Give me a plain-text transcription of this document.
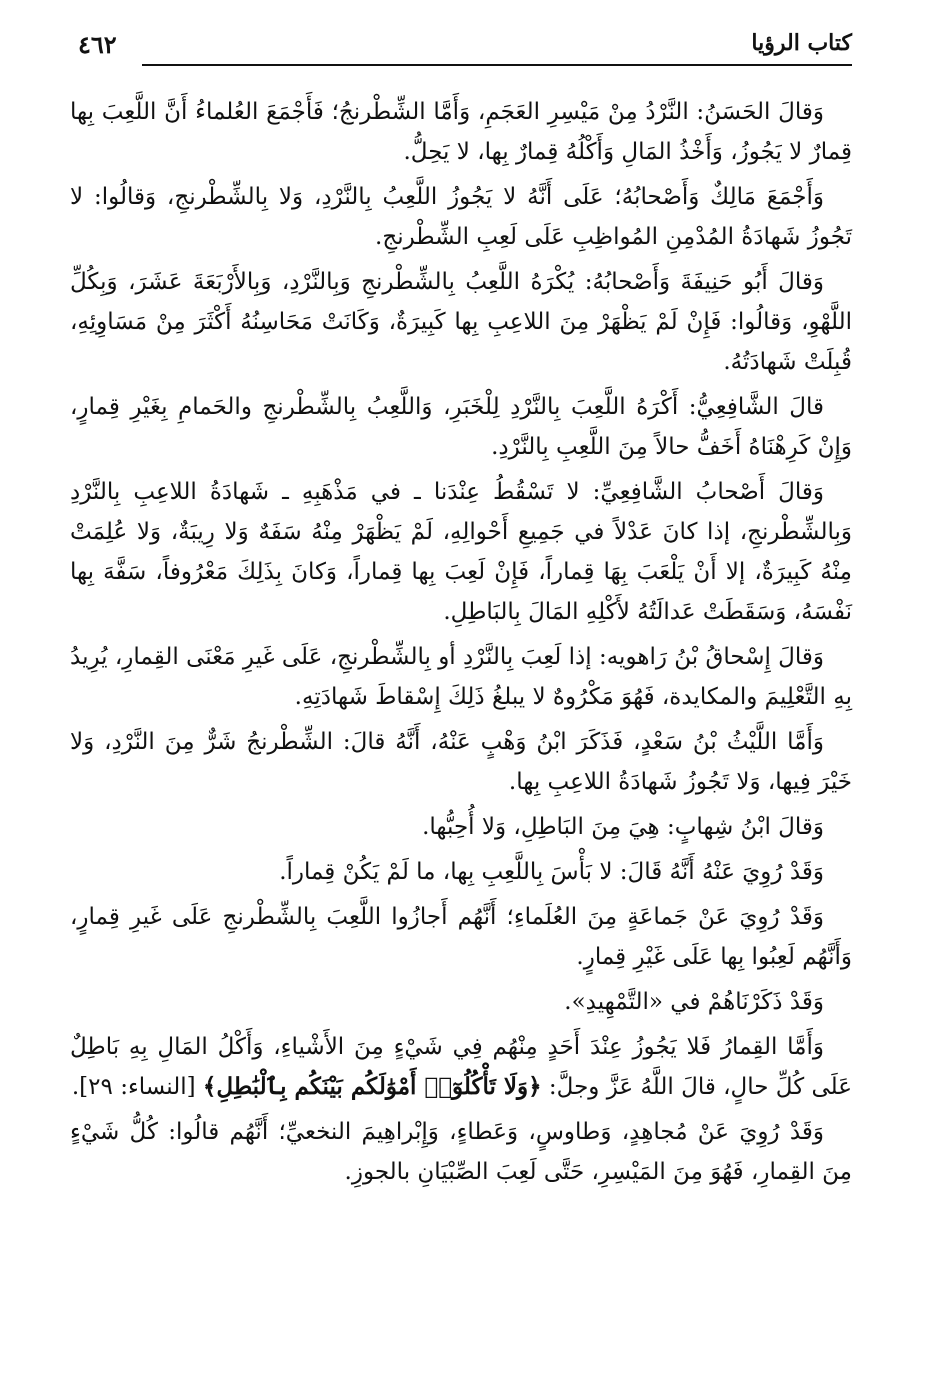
كتاب الرؤيا
٤٦٢

وَقالَ الحَسَنُ: النَّرْدُ مِنْ مَيْسِرِ العَجَمِ، وَأَمَّا الشِّطْرنجُ؛ فَأَجْمَعَ العُلماءُ أَنَّ اللَّعِبَ بِها قِمارٌ لا يَجُوزُ، وَأَخْذُ المَالِ وَأَكْلُهُ قِمارٌ بِها، لا يَحِلُّ.

وَأَجْمَعَ مَالِكٌ وَأَصْحابُهُ؛ عَلَى أَنَّهُ لا يَجُوزُ اللَّعِبُ بِالنَّرْدِ، وَلا بِالشِّطْرنجِ، وَقالُوا: لا تَجُوزُ شَهادَةُ المُدْمِنِ المُواظِبِ عَلَى لَعِبِ الشِّطْرنجِ.

وَقالَ أَبُو حَنِيفَةَ وَأَصْحابُهُ: يُكْرَهُ اللَّعِبُ بِالشِّطْرنجِ وَبِالنَّرْدِ، وَبِالأَرْبَعَةَ عَشَرَ، وَبِكُلِّ اللَّهْوِ، وَقالُوا: فَإِنْ لَمْ يَظْهَرْ مِنَ اللاعِبِ بِها كَبِيرَةٌ، وَكَانَتْ مَحَاسِنُهُ أَكْثَرَ مِنْ مَسَاوِئِهِ، قُبِلَتْ شَهادَتُهُ.

قالَ الشَّافِعِيُّ: أَكْرَهُ اللَّعِبَ بِالنَّرْدِ لِلْخَبَرِ، وَاللَّعِبُ بِالشِّطْرنجِ والحَمامِ بِغَيْرِ قِمارٍ، وَإِنْ كَرِهْنَاهُ أَخَفُّ حالاً مِنَ اللَّعِبِ بِالنَّرْدِ.

وَقالَ أَصْحابُ الشَّافِعِيِّ: لا تَسْقُطُ عِنْدَنا ـ في مَذْهَبِهِ ـ شَهادَةُ اللاعِبِ بِالنَّرْدِ وَبِالشِّطْرنجِ، إذا كانَ عَدْلاً في جَمِيعِ أَحْوالِهِ، لَمْ يَظْهَرْ مِنْهُ سَفَهٌ وَلا رِيبَةٌ، وَلا عُلِمَتْ مِنْهُ كَبِيرَةٌ، إلا أَنْ يَلْعَبَ بِهَا قِماراً، فَإِنْ لَعِبَ بِها قِماراً، وَكانَ بِذَلِكَ مَعْرُوفاً، سَفَّهَ بِها نَفْسَهُ، وَسَقَطَتْ عَدالَتُهُ لأَكْلِهِ المَالَ بِالبَاطِلِ.

وَقالَ إِسْحاقُ بْنُ رَاهويه: إذا لَعِبَ بِالنَّرْدِ أو بِالشِّطْرنجِ، عَلَى غَيرِ مَعْنَى القِمارِ، يُرِيدُ بِهِ التَّعْلِيمَ والمكايدة، فَهُوَ مَكْرُوهٌ لا يبلغُ ذَلِكَ إِسْقاطَ شَهادَتِهِ.

وَأَمَّا اللَّيْثُ بْنُ سَعْدٍ، فَذَكَرَ ابْنُ وَهْبٍ عَنْهُ، أَنَّهُ قالَ: الشِّطْرنجُ شَرٌّ مِنَ النَّرْدِ، وَلا خَيْرَ فِيها، وَلا تَجُوزُ شَهادَةُ اللاعِبِ بِها.

وَقالَ ابْنُ شِهابٍ: هِيَ مِنَ البَاطِلِ، وَلا أُحِبُّها.

وَقَدْ رُوِيَ عَنْهُ أَنَّهُ قَالَ: لا بَأْسَ بِاللَّعِبِ بِها، ما لَمْ يَكُنْ قِماراً.

وَقَدْ رُوِيَ عَنْ جَماعَةٍ مِنَ العُلَماءِ؛ أَنَّهُم أَجازُوا اللَّعِبَ بِالشِّطْرنجِ عَلَى غَيرِ قِمارٍ، وَأَنَّهُم لَعِبُوا بِها عَلَى غَيْرِ قِمارٍ.

وَقَدْ ذَكَرْنَاهُمْ في «التَّمْهِيدِ».

وَأَمَّا القِمارُ فَلا يَجُوزُ عِنْدَ أَحَدٍ مِنْهُم فِي شَيْءٍ مِنَ الأَشْياءِ، وَأَكْلُ المَالِ بِهِ بَاطِلٌ عَلَى كُلِّ حالٍ، قالَ اللَّهُ عَزَّ وجلَّ: ﴿وَلَا تَأْكُلُوٓا۟ أَمْوَٰلَكُم بَيْنَكُم بِٱلْبَٰطِلِ﴾ [النساء: ٢٩].

وَقَدْ رُوِيَ عَنْ مُجاهِدٍ، وَطاوسٍ، وَعَطاءٍ، وَإِبْراهِيمَ النخعيِّ؛ أَنَّهُم قالُوا: كُلُّ شَيْءٍ مِنَ القِمارِ، فَهُوَ مِنَ المَيْسِرِ، حَتَّى لَعِبَ الصِّبْيَانِ بالجوزِ.
